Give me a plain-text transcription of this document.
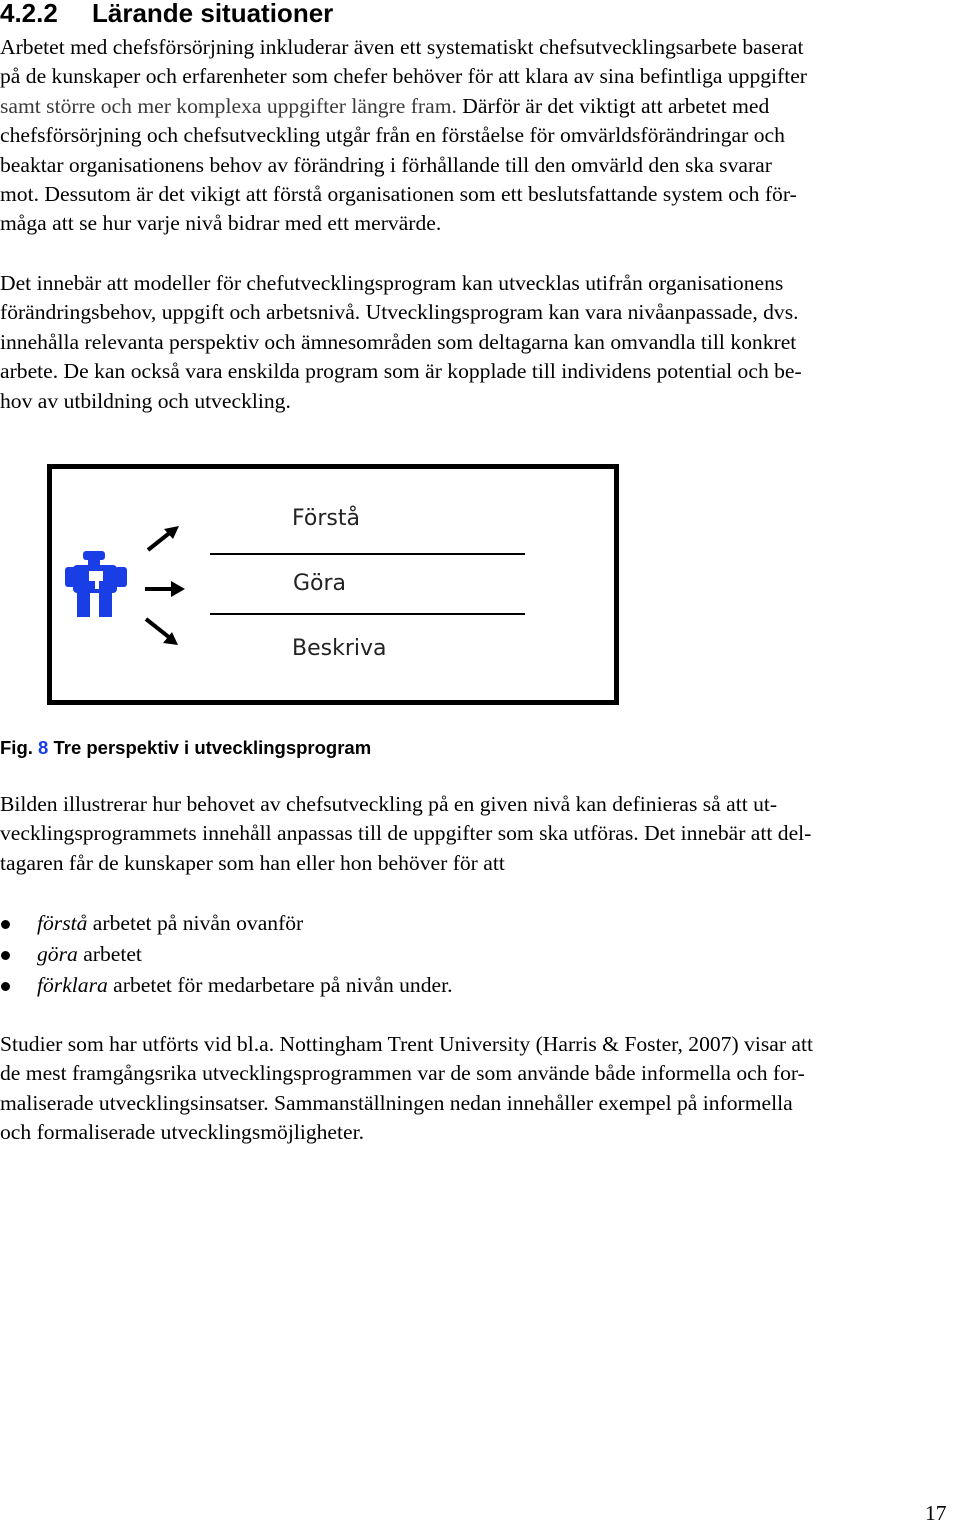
4.2.2 Lärande situationer
Arbetet med chefsförsörjning inkluderar även ett systematiskt chefsutvecklingsarbete baserat
på de kunskaper och erfarenheter som chefer behöver för att klara av sina befintliga uppgifter
samt större och mer komplexa uppgifter längre fram. Därför är det viktigt att arbetet med
chefsförsörjning och chefsutveckling utgår från en förståelse för omvärldsförändringar och
beaktar organisationens behov av förändring i förhållande till den omvärld den ska svarar
mot. Dessutom är det vikigt att förstå organisationen som ett beslutsfattande system och för-
måga att se hur varje nivå bidrar med ett mervärde.
Det innebär att modeller för chefutvecklingsprogram kan utvecklas utifrån organisationens
förändringsbehov, uppgift och arbetsnivå. Utvecklingsprogram kan vara nivåanpassade, dvs.
innehålla relevanta perspektiv och ämnesområden som deltagarna kan omvandla till konkret
arbete. De kan också vara enskilda program som är kopplade till individens potential och be-
hov av utbildning och utveckling.
Förstå
Göra
Beskriva

Fig. 8 Tre perspektiv i utvecklingsprogram

Bilden illustrerar hur behovet av chefsutveckling på en given nivå kan definieras så att ut-
vecklingsprogrammets innehåll anpassas till de uppgifter som ska utföras. Det innebär att del-
tagaren får de kunskaper som han eller hon behöver för att
förstå arbetet på nivån ovanför
göra arbetet
förklara arbetet för medarbetare på nivån under.
Studier som har utförts vid bl.a. Nottingham Trent University (Harris & Foster, 2007) visar att
de mest framgångsrika utvecklingsprogrammen var de som använde både informella och for-
maliserade utvecklingsinsatser. Sammanställningen nedan innehåller exempel på informella
och formaliserade utvecklingsmöjligheter.
17
